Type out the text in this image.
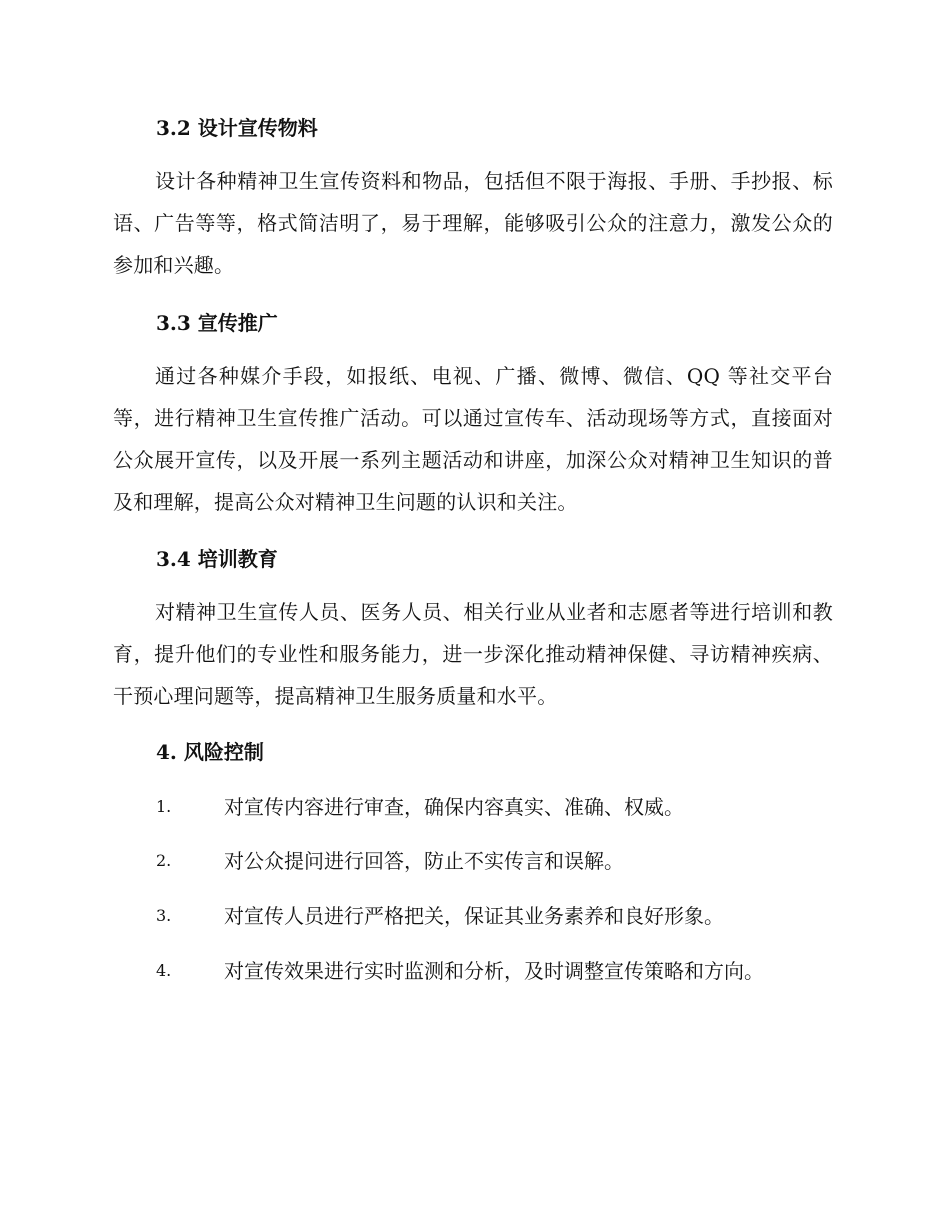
3.2 设计宣传物料
设计各种精神卫生宣传资料和物品，包括但不限于海报、手册、手抄报、标语、广告等等，格式简洁明了，易于理解，能够吸引公众的注意力，激发公众的参加和兴趣。
3.3 宣传推广
通过各种媒介手段，如报纸、电视、广播、微博、微信、QQ 等社交平台等，进行精神卫生宣传推广活动。可以通过宣传车、活动现场等方式，直接面对公众展开宣传，以及开展一系列主题活动和讲座，加深公众对精神卫生知识的普及和理解，提高公众对精神卫生问题的认识和关注。
3.4 培训教育
对精神卫生宣传人员、医务人员、相关行业从业者和志愿者等进行培训和教育，提升他们的专业性和服务能力，进一步深化推动精神保健、寻访精神疾病、干预心理问题等，提高精神卫生服务质量和水平。
4. 风险控制
1.	对宣传内容进行审查，确保内容真实、准确、权威。
2.	对公众提问进行回答，防止不实传言和误解。
3.	对宣传人员进行严格把关，保证其业务素养和良好形象。
4.	对宣传效果进行实时监测和分析，及时调整宣传策略和方向。
